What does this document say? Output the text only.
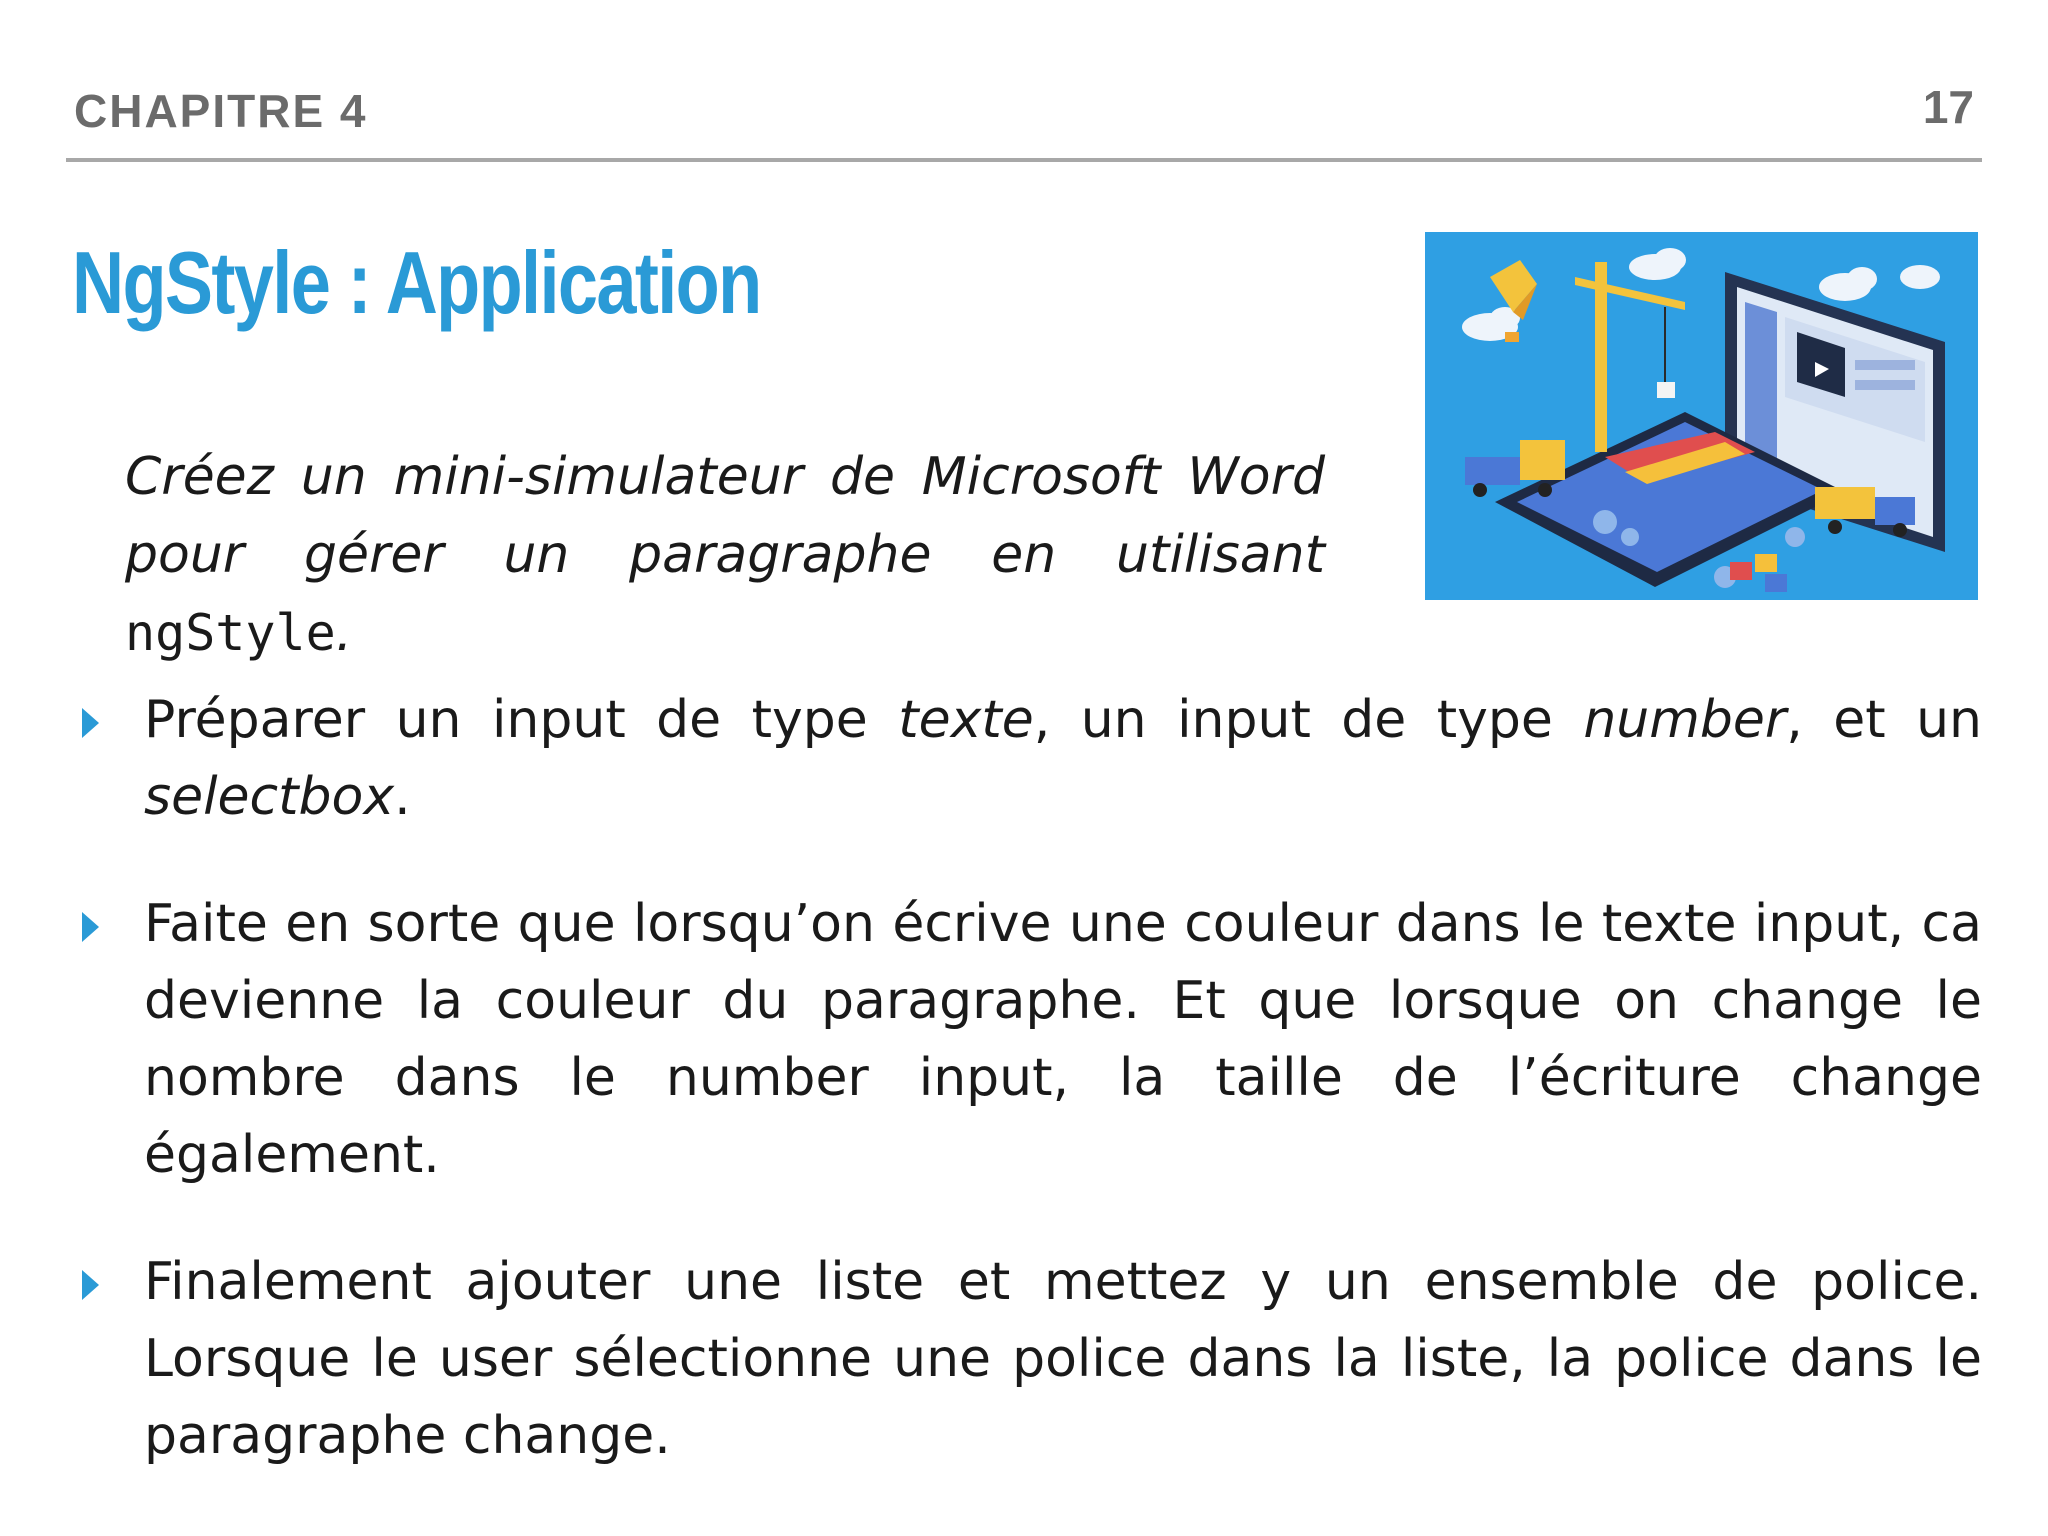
CHAPITRE 4	17
NgStyle : Application
Créez un mini-simulateur de Microsoft Word pour gérer un paragraphe en utilisant ngStyle.
Préparer un input de type texte, un input de type number, et un selectbox.
Faite en sorte que lorsqu’on écrive une couleur dans le texte input, ca devienne la couleur du paragraphe. Et que lorsque on change le nombre dans le number input, la taille de l’écriture change également.
Finalement ajouter une liste et mettez y un ensemble de police. Lorsque le user sélectionne une police dans la liste, la police dans le paragraphe change.
